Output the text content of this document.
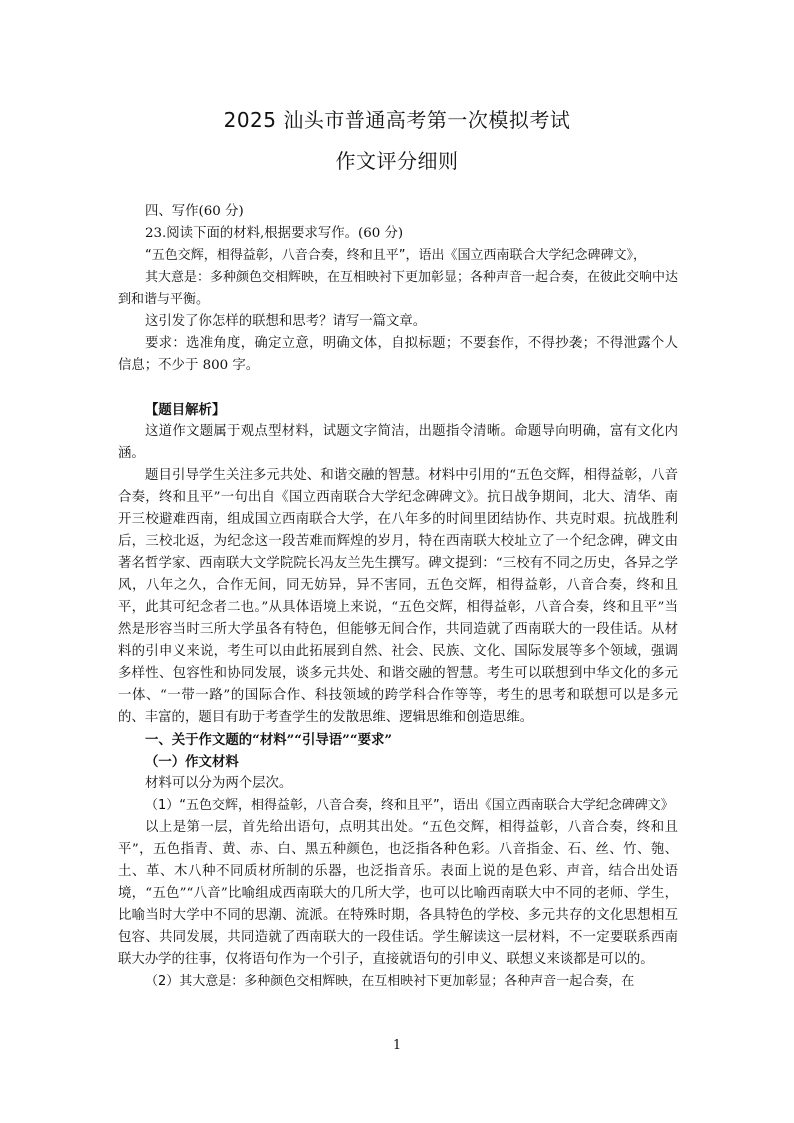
2025 汕头市普通高考第一次模拟考试
作文评分细则

四、写作(60 分)

23.阅读下面的材料,根据要求写作。(60 分)

“五色交辉，相得益彰，八音合奏，终和且平”，语出《国立西南联合大学纪念碑碑文》，

其大意是：多种颜色交相辉映，在互相映衬下更加彰显；各种声音一起合奏，在彼此交响中达到和谐与平衡。

这引发了你怎样的联想和思考？请写一篇文章。

要求：选准角度，确定立意，明确文体，自拟标题；不要套作，不得抄袭；不得泄露个人信息；不少于 800 字。

【题目解析】

这道作文题属于观点型材料，试题文字简洁，出题指令清晰。命题导向明确，富有文化内涵。

题目引导学生关注多元共处、和谐交融的智慧。材料中引用的“五色交辉，相得益彰，八音合奏，终和且平”一句出自《国立西南联合大学纪念碑碑文》。抗日战争期间，北大、清华、南开三校避难西南，组成国立西南联合大学，在八年多的时间里团结协作、共克时艰。抗战胜利后，三校北返，为纪念这一段苦难而辉煌的岁月，特在西南联大校址立了一个纪念碑，碑文由著名哲学家、西南联大文学院院长冯友兰先生撰写。碑文提到：“三校有不同之历史，各异之学风，八年之久，合作无间，同无妨异，异不害同，五色交辉，相得益彰，八音合奏，终和且平，此其可纪念者二也。”从具体语境上来说，“五色交辉，相得益彰，八音合奏，终和且平”当然是形容当时三所大学虽各有特色，但能够无间合作，共同造就了西南联大的一段佳话。从材料的引申义来说，考生可以由此拓展到自然、社会、民族、文化、国际发展等多个领域，强调多样性、包容性和协同发展，谈多元共处、和谐交融的智慧。考生可以联想到中华文化的多元一体、“一带一路”的国际合作、科技领域的跨学科合作等等，考生的思考和联想可以是多元的、丰富的，题目有助于考查学生的发散思维、逻辑思维和创造思维。

一、关于作文题的“材料”“引导语”“要求”

（一）作文材料

材料可以分为两个层次。

（1）“五色交辉，相得益彰，八音合奏，终和且平”，语出《国立西南联合大学纪念碑碑文》

以上是第一层，首先给出语句，点明其出处。“五色交辉，相得益彰，八音合奏，终和且平”，五色指青、黄、赤、白、黑五种颜色，也泛指各种色彩。八音指金、石、丝、竹、匏、土、革、木八种不同质材所制的乐器，也泛指音乐。表面上说的是色彩、声音，结合出处语境，“五色”“八音”比喻组成西南联大的几所大学，也可以比喻西南联大中不同的老师、学生，比喻当时大学中不同的思潮、流派。在特殊时期，各具特色的学校、多元共存的文化思想相互包容、共同发展，共同造就了西南联大的一段佳话。学生解读这一层材料，不一定要联系西南联大办学的往事，仅将语句作为一个引子，直接就语句的引申义、联想义来谈都是可以的。

（2）其大意是：多种颜色交相辉映，在互相映衬下更加彰显；各种声音一起合奏，在

1
